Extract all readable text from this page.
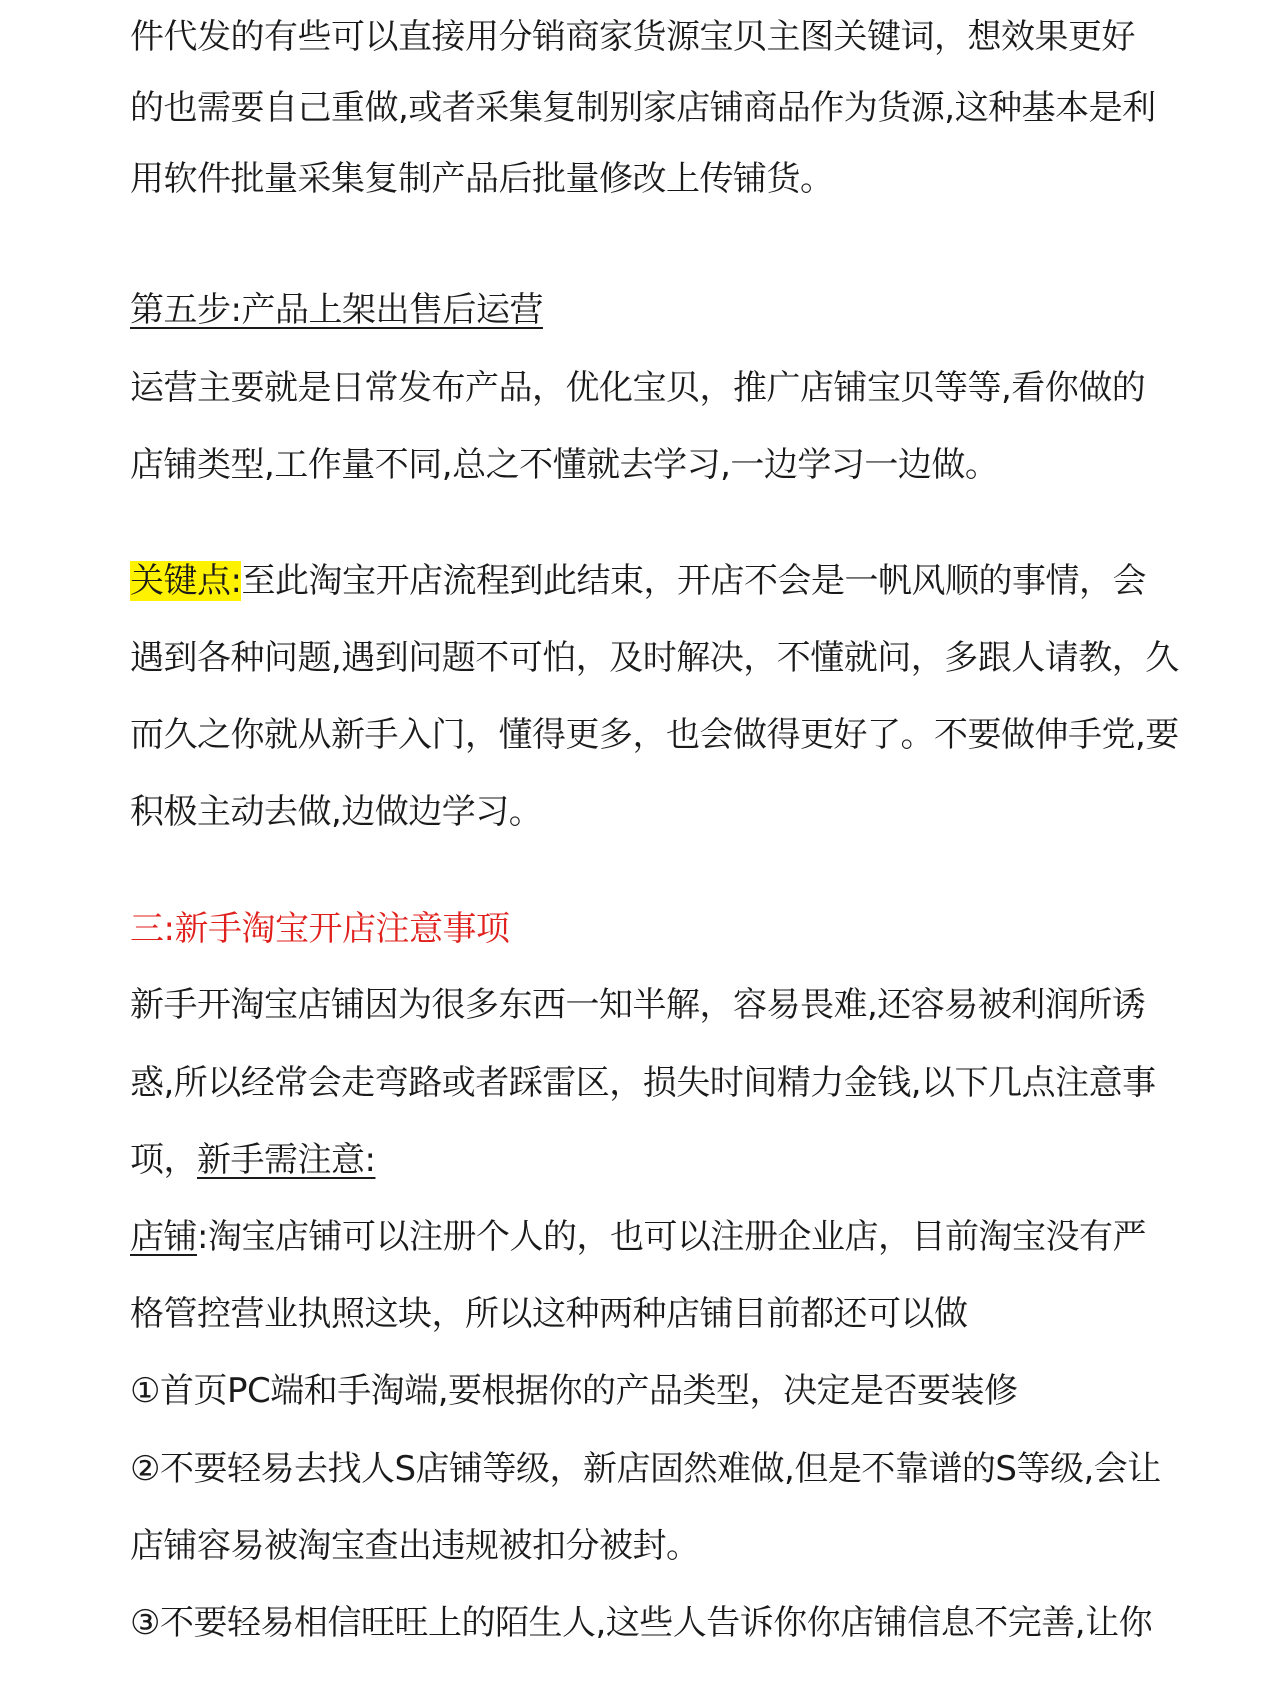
件代发的有些可以直接用分销商家货源宝贝主图关键词，想效果更好
的也需要自己重做,或者采集复制别家店铺商品作为货源,这种基本是利
用软件批量采集复制产品后批量修改上传铺货。
第五步:产品上架出售后运营
运营主要就是日常发布产品，优化宝贝，推广店铺宝贝等等,看你做的
店铺类型,工作量不同,总之不懂就去学习,一边学习一边做。
关键点:至此淘宝开店流程到此结束，开店不会是一帆风顺的事情，会
遇到各种问题,遇到问题不可怕，及时解决，不懂就问，多跟人请教，久
而久之你就从新手入门，懂得更多，也会做得更好了。不要做伸手党,要
积极主动去做,边做边学习。
三:新手淘宝开店注意事项
新手开淘宝店铺因为很多东西一知半解，容易畏难,还容易被利润所诱
惑,所以经常会走弯路或者踩雷区，损失时间精力金钱,以下几点注意事
项，新手需注意:
店铺:淘宝店铺可以注册个人的，也可以注册企业店，目前淘宝没有严
格管控营业执照这块，所以这种两种店铺目前都还可以做
①首页PC端和手淘端,要根据你的产品类型，决定是否要装修
②不要轻易去找人S店铺等级，新店固然难做,但是不靠谱的S等级,会让
店铺容易被淘宝查出违规被扣分被封。
③不要轻易相信旺旺上的陌生人,这些人告诉你你店铺信息不完善,让你
